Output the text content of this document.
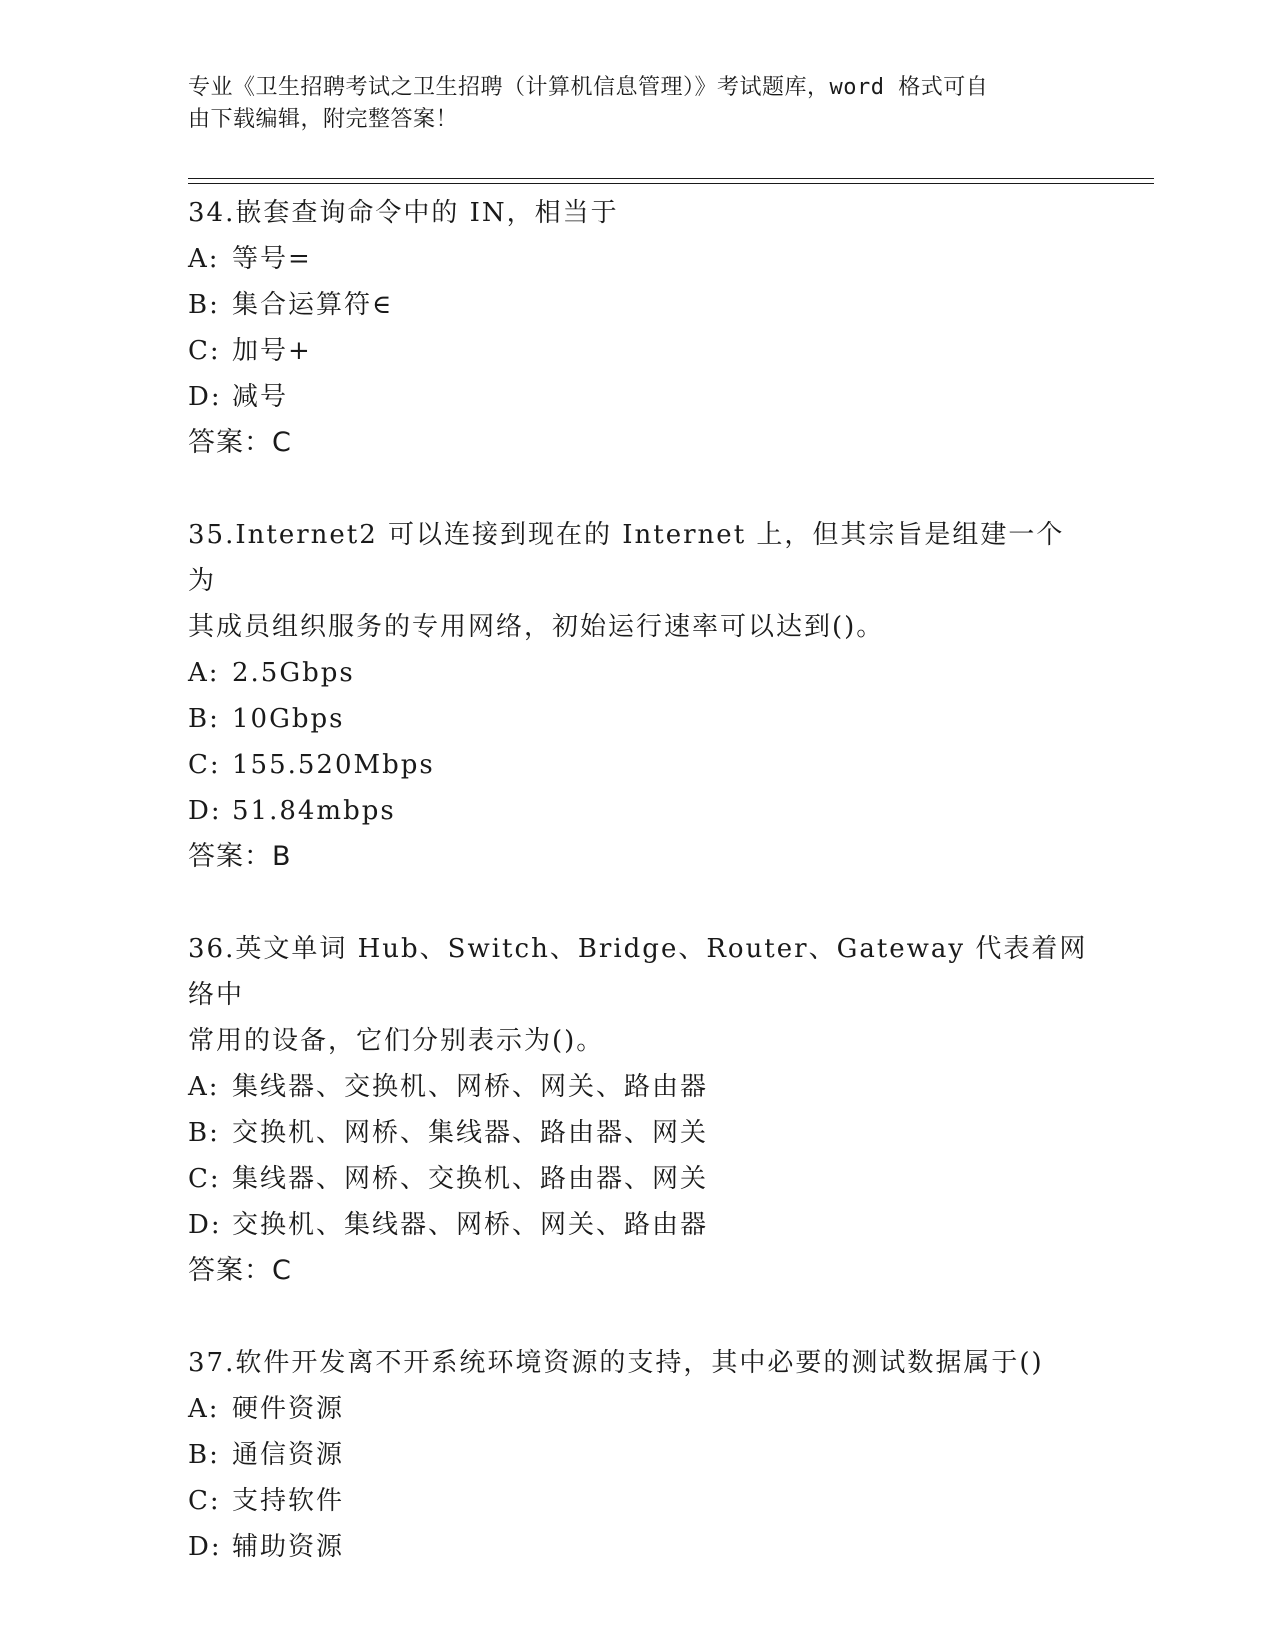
专业《卫生招聘考试之卫生招聘（计算机信息管理）》考试题库，word 格式可自
由下载编辑，附完整答案！
34.嵌套查询命令中的 IN，相当于
A: 等号=
B: 集合运算符∈
C: 加号+
D: 减号
答案：C
35.Internet2 可以连接到现在的 Internet 上，但其宗旨是组建一个为
其成员组织服务的专用网络，初始运行速率可以达到()。
A: 2.5Gbps
B: 10Gbps
C: 155.520Mbps
D: 51.84mbps
答案：B
36.英文单词 Hub、Switch、Bridge、Router、Gateway 代表着网络中
常用的设备，它们分别表示为()。
A: 集线器、交换机、网桥、网关、路由器
B: 交换机、网桥、集线器、路由器、网关
C: 集线器、网桥、交换机、路由器、网关
D: 交换机、集线器、网桥、网关、路由器
答案：C
37.软件开发离不开系统环境资源的支持，其中必要的测试数据属于()
A: 硬件资源
B: 通信资源
C: 支持软件
D: 辅助资源
